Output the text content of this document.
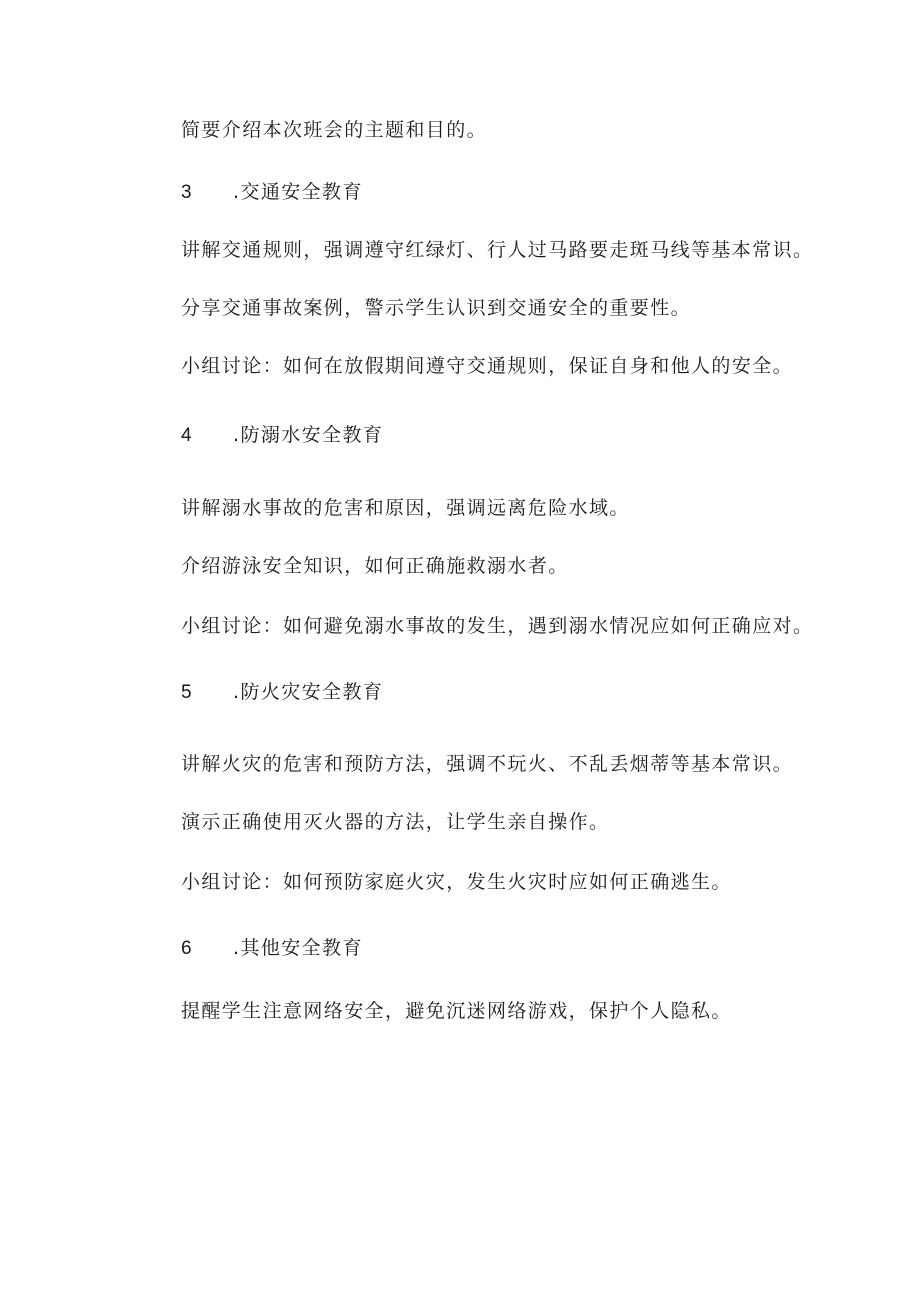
简要介绍本次班会的主题和目的。
3 .交通安全教育
讲解交通规则，强调遵守红绿灯、行人过马路要走斑马线等基本常识。
分享交通事故案例，警示学生认识到交通安全的重要性。
小组讨论：如何在放假期间遵守交通规则，保证自身和他人的安全。
4 .防溺水安全教育
讲解溺水事故的危害和原因，强调远离危险水域。
介绍游泳安全知识，如何正确施救溺水者。
小组讨论：如何避免溺水事故的发生，遇到溺水情况应如何正确应对。
5 .防火灾安全教育
讲解火灾的危害和预防方法，强调不玩火、不乱丢烟蒂等基本常识。
演示正确使用灭火器的方法，让学生亲自操作。
小组讨论：如何预防家庭火灾，发生火灾时应如何正确逃生。
6 .其他安全教育
提醒学生注意网络安全，避免沉迷网络游戏，保护个人隐私。
